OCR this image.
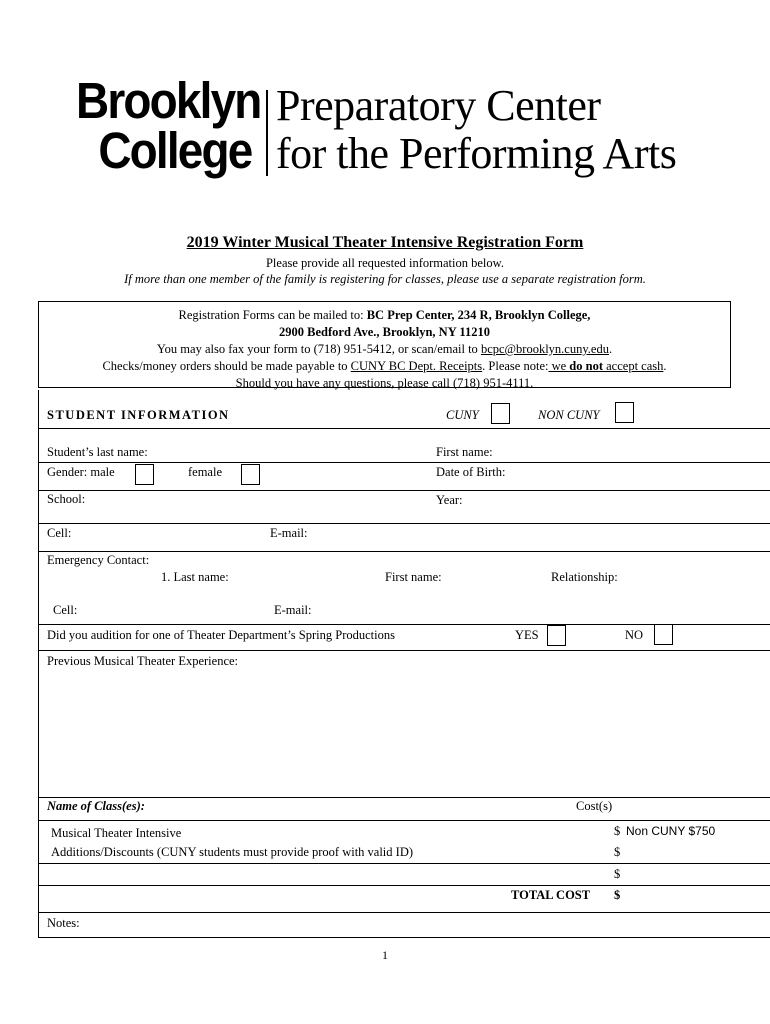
Brooklyn
College
Preparatory Center
for the Performing Arts
2019 Winter Musical Theater Intensive Registration Form
Please provide all requested information below.
If more than one member of the family is registering for classes, please use a separate registration form.
Registration Forms can be mailed to: BC Prep Center, 234 R, Brooklyn College,
2900 Bedford Ave., Brooklyn, NY 11210
You may also fax your form to (718) 951-5412, or scan/email to bcpc@brooklyn.cuny.edu.
Checks/money orders should be made payable to CUNY BC Dept. Receipts. Please note: we do not accept cash.
Should you have any questions, please call (718) 951-4111.
STUDENT INFORMATION	CUNY	NON CUNY
Student’s last name:	First name:
Gender: male	female	Date of Birth:
School:	Year:
Cell:	E-mail:
Emergency Contact:
1. Last name:	First name:	Relationship:
Cell:	E-mail:
Did you audition for one of Theater Department’s Spring Productions	YES	NO
Previous Musical Theater Experience:
Name of Class(es):	Cost(s)
Musical Theater Intensive	$ Non CUNY $750
Additions/Discounts (CUNY students must provide proof with valid ID)	$
$
TOTAL COST $
Notes:
1
